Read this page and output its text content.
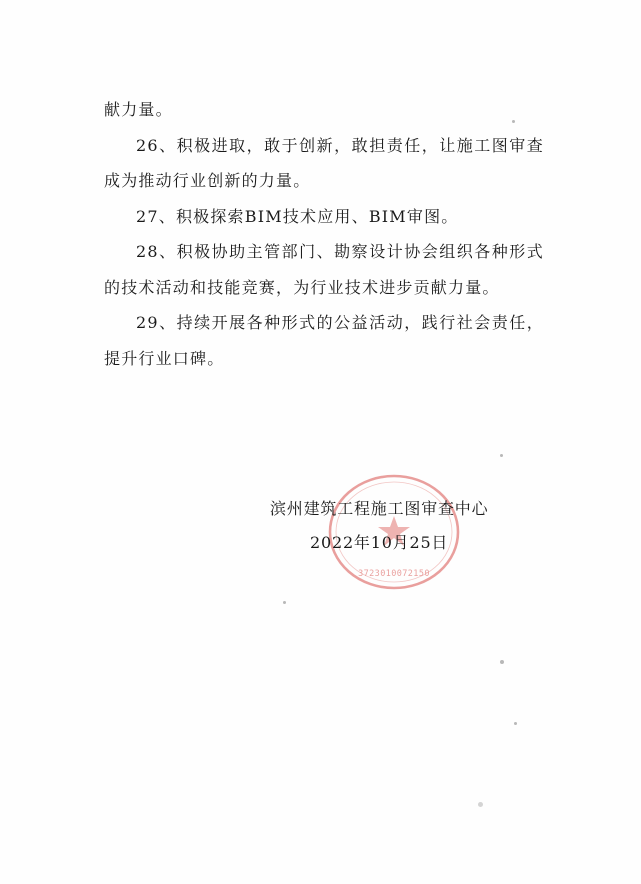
献力量。

26、积极进取，敢于创新，敢担责任，让施工图审查成为推动行业创新的力量。

27、积极探索BIM技术应用、BIM审图。

28、积极协助主管部门、勘察设计协会组织各种形式的技术活动和技能竞赛，为行业技术进步贡献力量。

29、持续开展各种形式的公益活动，践行社会责任，提升行业口碑。

3723010072150
滨州建筑工程施工图审查中心
2022年10月25日
